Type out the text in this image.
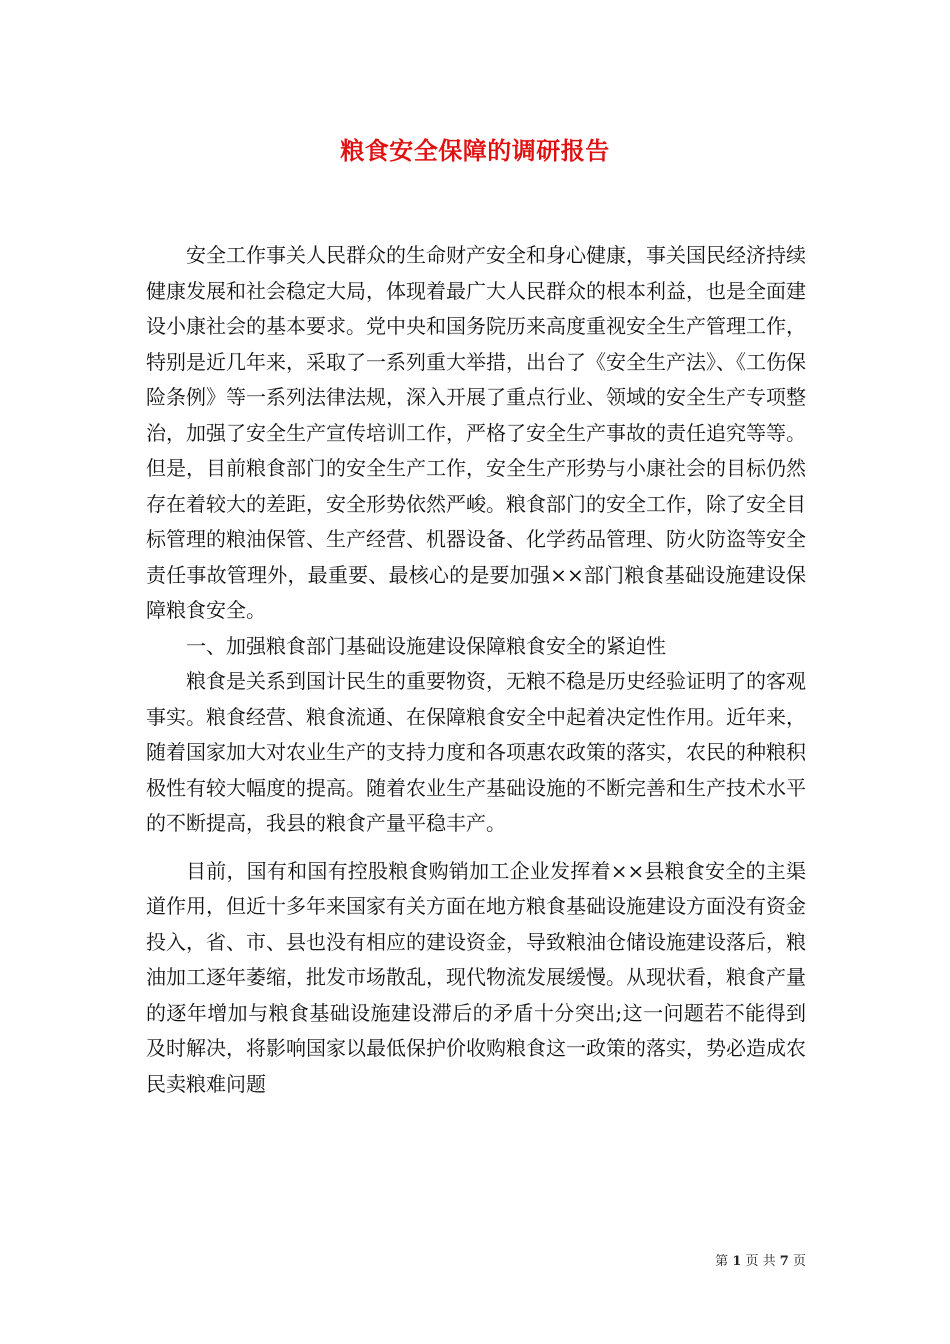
粮食安全保障的调研报告

安全工作事关人民群众的生命财产安全和身心健康，事关国民经济持续健康发展和社会稳定大局，体现着最广大人民群众的根本利益，也是全面建设小康社会的基本要求。党中央和国务院历来高度重视安全生产管理工作，特别是近几年来，采取了一系列重大举措，出台了《安全生产法》、《工伤保险条例》等一系列法律法规，深入开展了重点行业、领域的安全生产专项整治，加强了安全生产宣传培训工作，严格了安全生产事故的责任追究等等。但是，目前粮食部门的安全生产工作，安全生产形势与小康社会的目标仍然存在着较大的差距，安全形势依然严峻。粮食部门的安全工作，除了安全目标管理的粮油保管、生产经营、机器设备、化学药品管理、防火防盗等安全责任事故管理外，最重要、最核心的是要加强××部门粮食基础设施建设保障粮食安全。

一、加强粮食部门基础设施建设保障粮食安全的紧迫性

粮食是关系到国计民生的重要物资，无粮不稳是历史经验证明了的客观事实。粮食经营、粮食流通、在保障粮食安全中起着决定性作用。近年来，随着国家加大对农业生产的支持力度和各项惠农政策的落实，农民的种粮积极性有较大幅度的提高。随着农业生产基础设施的不断完善和生产技术水平的不断提高，我县的粮食产量平稳丰产。

目前，国有和国有控股粮食购销加工企业发挥着××县粮食安全的主渠道作用，但近十多年来国家有关方面在地方粮食基础设施建设方面没有资金投入，省、市、县也没有相应的建设资金，导致粮油仓储设施建设落后，粮油加工逐年萎缩，批发市场散乱，现代物流发展缓慢。从现状看，粮食产量的逐年增加与粮食基础设施建设滞后的矛盾十分突出;这一问题若不能得到及时解决，将影响国家以最低保护价收购粮食这一政策的落实，势必造成农民卖粮难问题

第 1 页 共 7 页
